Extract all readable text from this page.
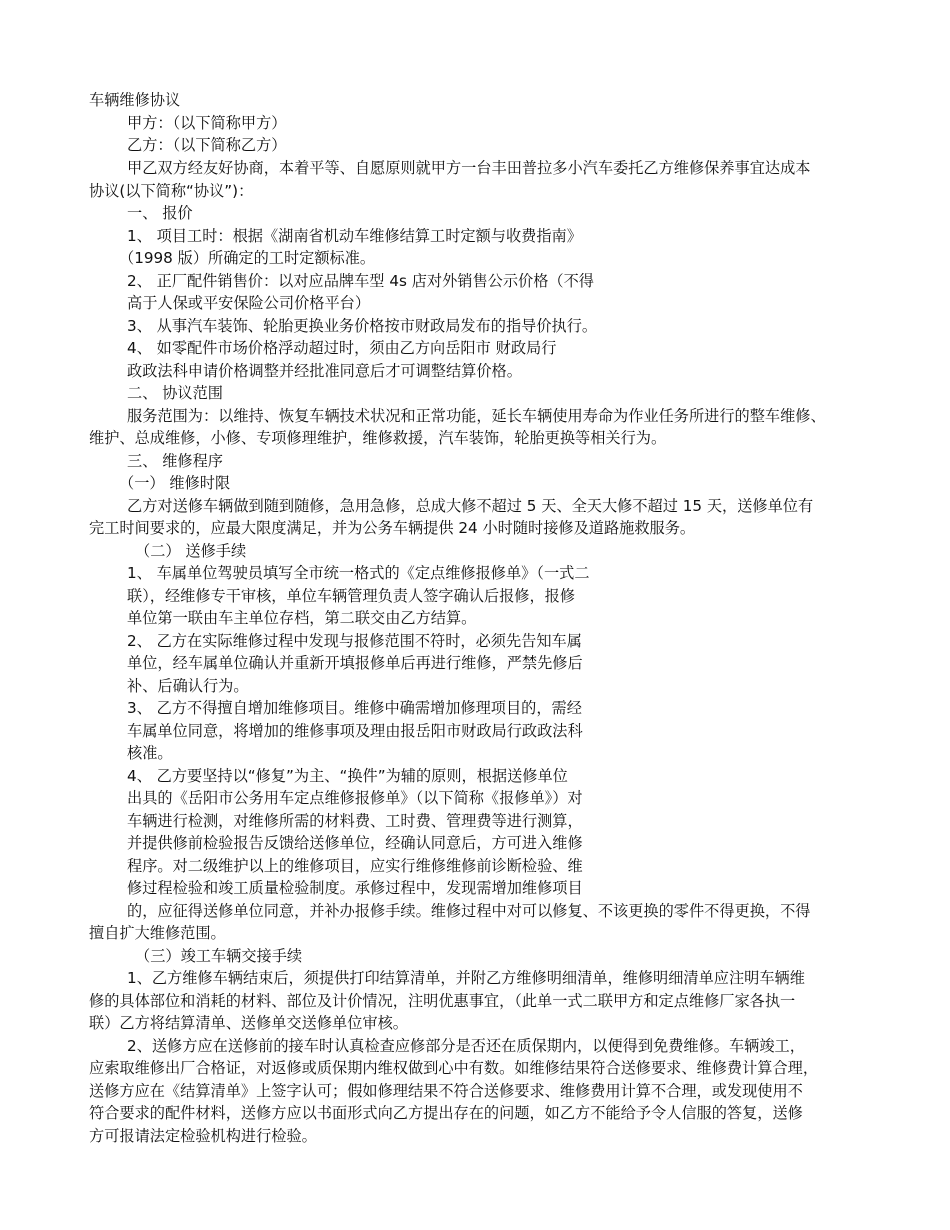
车辆维修协议
甲方：（以下简称甲方）
乙方：（以下简称乙方）
甲乙双方经友好协商，本着平等、自愿原则就甲方一台丰田普拉多小汽车委托乙方维修保养事宜达成本
协议(以下简称“协议”)：
一、 报价
1、 项目工时：根据《湖南省机动车维修结算工时定额与收费指南》
（1998 版）所确定的工时定额标准。
2、 正厂配件销售价：以对应品牌车型 4s 店对外销售公示价格（不得
高于人保或平安保险公司价格平台）
3、 从事汽车装饰、轮胎更换业务价格按市财政局发布的指导价执行。
4、 如零配件市场价格浮动超过时，须由乙方向岳阳市 财政局行
政政法科申请价格调整并经批准同意后才可调整结算价格。
二、 协议范围
服务范围为：以维持、恢复车辆技术状况和正常功能，延长车辆使用寿命为作业任务所进行的整车维修、
维护、总成维修，小修、专项修理维护，维修救援，汽车装饰，轮胎更换等相关行为。
三、 维修程序
（一） 维修时限
乙方对送修车辆做到随到随修，急用急修，总成大修不超过 5 天、全天大修不超过 15 天，送修单位有
完工时间要求的，应最大限度满足，并为公务车辆提供 24 小时随时接修及道路施救服务。
（二） 送修手续
1、 车属单位驾驶员填写全市统一格式的《定点维修报修单》（一式二
联），经维修专干审核，单位车辆管理负责人签字确认后报修，报修
单位第一联由车主单位存档，第二联交由乙方结算。
2、 乙方在实际维修过程中发现与报修范围不符时，必须先告知车属
单位，经车属单位确认并重新开填报修单后再进行维修，严禁先修后
补、后确认行为。
3、 乙方不得擅自增加维修项目。维修中确需增加修理项目的，需经
车属单位同意，将增加的维修事项及理由报岳阳市财政局行政政法科
核准。
4、 乙方要坚持以“修复”为主、“换件”为辅的原则，根据送修单位
出具的《岳阳市公务用车定点维修报修单》（以下简称《报修单》）对
车辆进行检测，对维修所需的材料费、工时费、管理费等进行测算，
并提供修前检验报告反馈给送修单位，经确认同意后，方可进入维修
程序。对二级维护以上的维修项目，应实行维修维修前诊断检验、维
修过程检验和竣工质量检验制度。承修过程中，发现需增加维修项目
的，应征得送修单位同意，并补办报修手续。维修过程中对可以修复、不该更换的零件不得更换，不得
擅自扩大维修范围。
（三）竣工车辆交接手续
1、乙方维修车辆结束后，须提供打印结算清单，并附乙方维修明细清单，维修明细清单应注明车辆维
修的具体部位和消耗的材料、部位及计价情况，注明优惠事宜，（此单一式二联甲方和定点维修厂家各执一
联）乙方将结算清单、送修单交送修单位审核。
2、送修方应在送修前的接车时认真检查应修部分是否还在质保期内，以便得到免费维修。车辆竣工，
应索取维修出厂合格证，对返修或质保期内维权做到心中有数。如维修结果符合送修要求、维修费计算合理，
送修方应在《结算清单》上签字认可；假如修理结果不符合送修要求、维修费用计算不合理，或发现使用不
符合要求的配件材料，送修方应以书面形式向乙方提出存在的问题，如乙方不能给予令人信服的答复，送修
方可报请法定检验机构进行检验。
